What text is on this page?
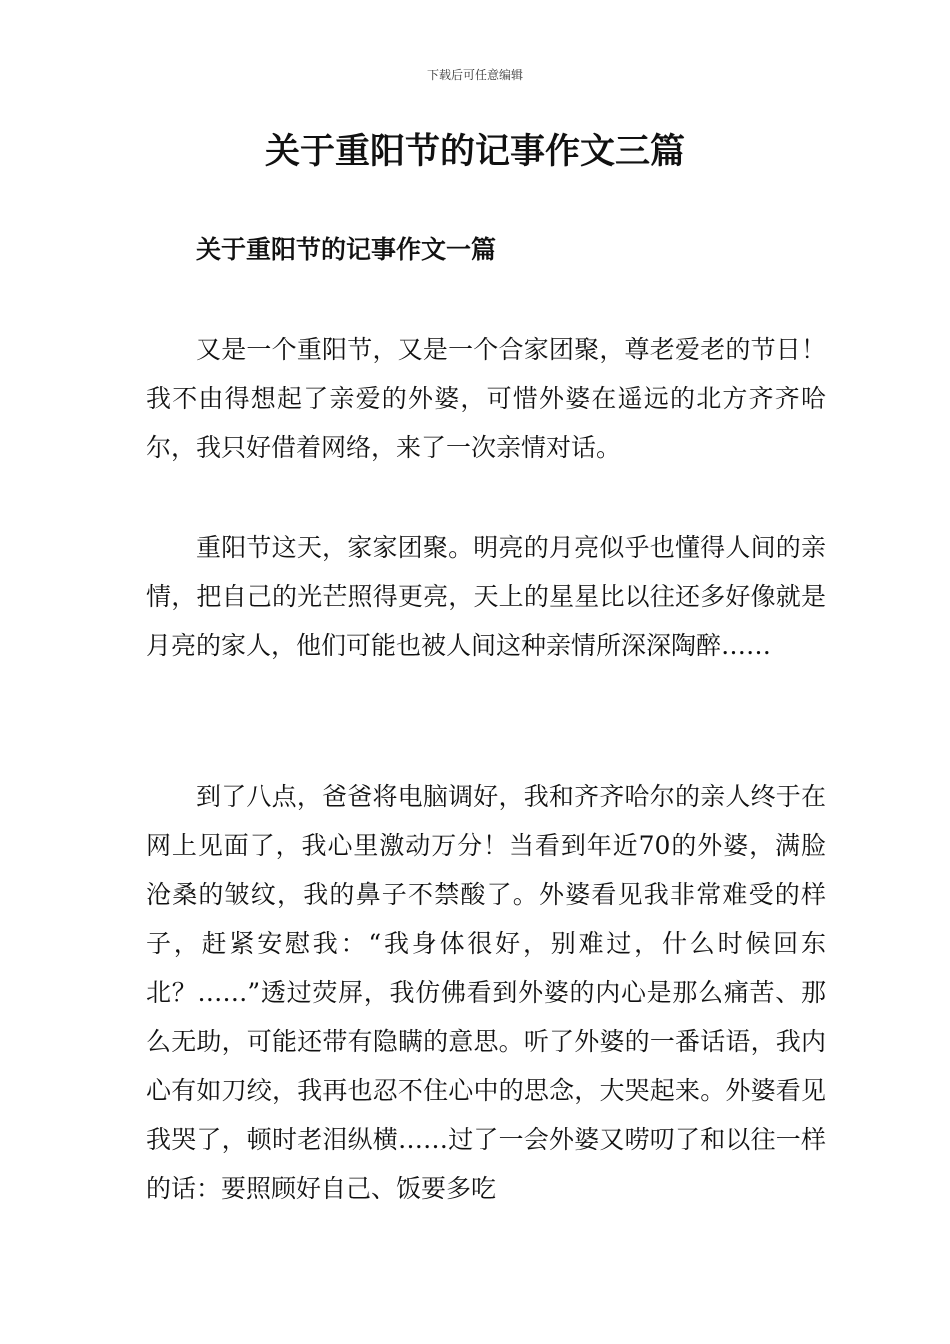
下载后可任意编辑
关于重阳节的记事作文三篇
关于重阳节的记事作文一篇

又是一个重阳节，又是一个合家团聚，尊老爱老的节日！我不由得想起了亲爱的外婆，可惜外婆在遥远的北方齐齐哈尔，我只好借着网络，来了一次亲情对话。

重阳节这天，家家团聚。明亮的月亮似乎也懂得人间的亲情，把自己的光芒照得更亮，天上的星星比以往还多好像就是月亮的家人，他们可能也被人间这种亲情所深深陶醉……

到了八点，爸爸将电脑调好，我和齐齐哈尔的亲人终于在网上见面了，我心里激动万分！当看到年近70的外婆，满脸沧桑的皱纹，我的鼻子不禁酸了。外婆看见我非常难受的样子，赶紧安慰我：“我身体很好，别难过，什么时候回东北？……”透过荧屏，我仿佛看到外婆的内心是那么痛苦、那么无助，可能还带有隐瞒的意思。听了外婆的一番话语，我内心有如刀绞，我再也忍不住心中的思念，大哭起来。外婆看见我哭了，顿时老泪纵横……过了一会外婆又唠叨了和以往一样的话：要照顾好自己、饭要多吃
